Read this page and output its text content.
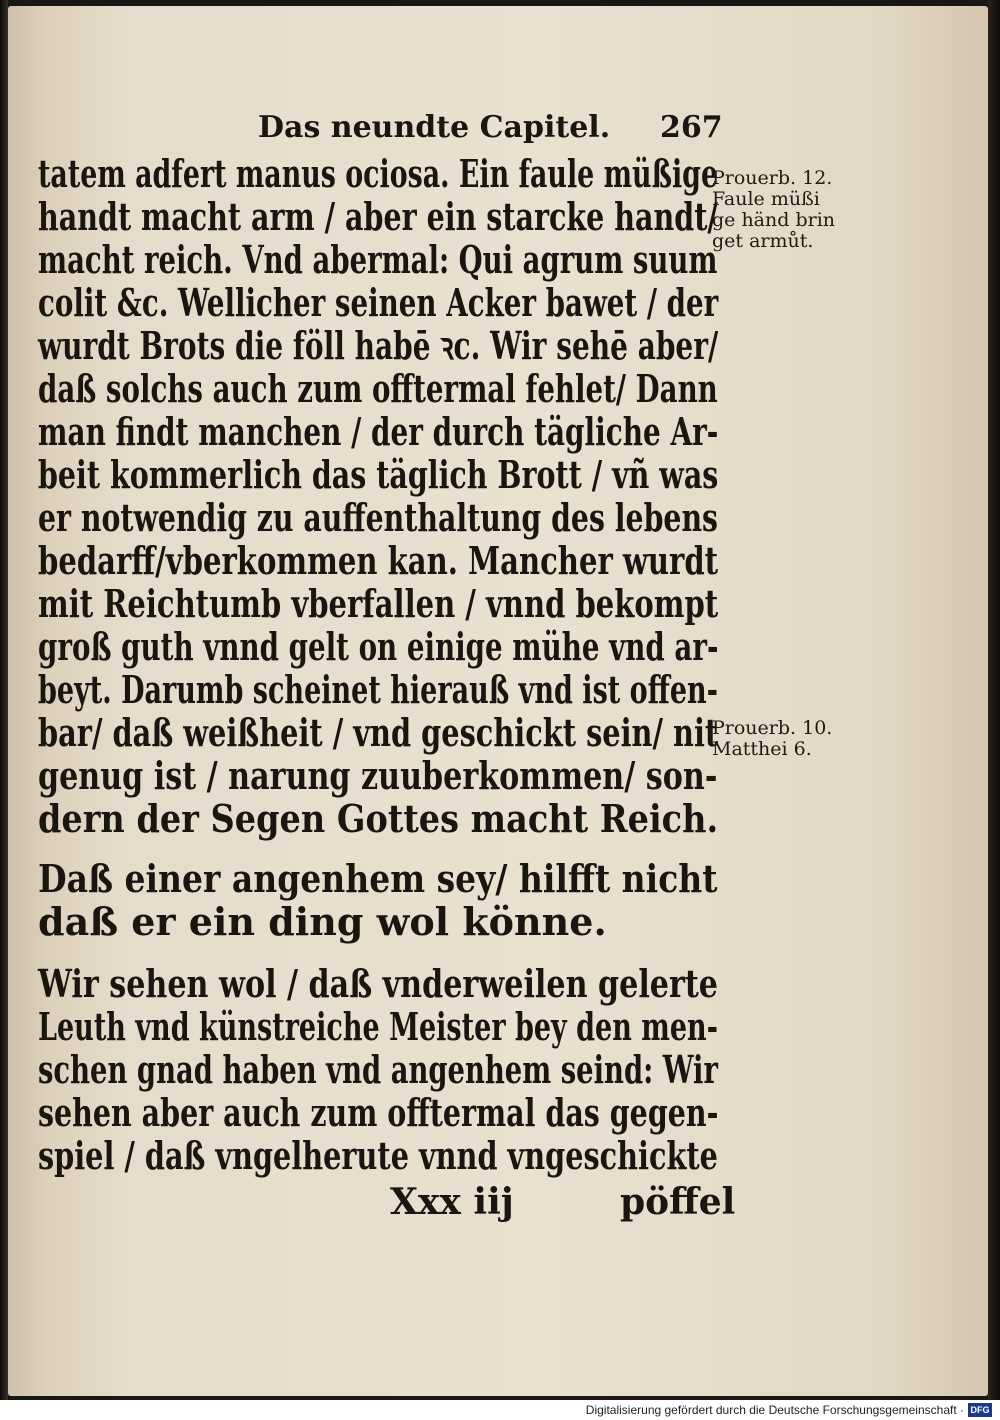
Das neundte Capitel. 267
tatem adfert manus ociosa. Ein faule müßige
handt macht arm / aber ein starcke handt/
macht reich. Vnd abermal: Qui agrum suum
colit &c. Wellicher seinen Acker bawet / der
wurdt Brots die föll habē ꝛc. Wir sehē aber/
daß solchs auch zum offtermal fehlet/ Dann
man findt manchen / der durch tägliche Ar-
beit kommerlich das täglich Brott / vñ was
er notwendig zu auffenthaltung des lebens
bedarff/vberkommen kan. Mancher wurdt
mit Reichtumb vberfallen / vnnd bekompt
groß guth vnnd gelt on einige mühe vnd ar-
beyt. Darumb scheinet hierauß vnd ist offen-
bar/ daß weißheit / vnd geschickt sein/ nit
genug ist / narung zuuberkommen/ son-
dern der Segen Gottes macht Reich.
Daß einer angenhem sey/ hilfft nicht
daß er ein ding wol könne.
Wir sehen wol / daß vnderweilen gelerte
Leuth vnd künstreiche Meister bey den men-
schen gnad haben vnd angenhem seind: Wir
sehen aber auch zum offtermal das gegen-
spiel / daß vngelherute vnnd vngeschickte
Xxx iij	pöffel
Prouerb. 12.
Faule müßi
ge händ brin
get armůt.
Prouerb. 10.
Matthei 6.
Digitalisierung gefördert durch die Deutsche Forschungsgemeinschaft · DFG
